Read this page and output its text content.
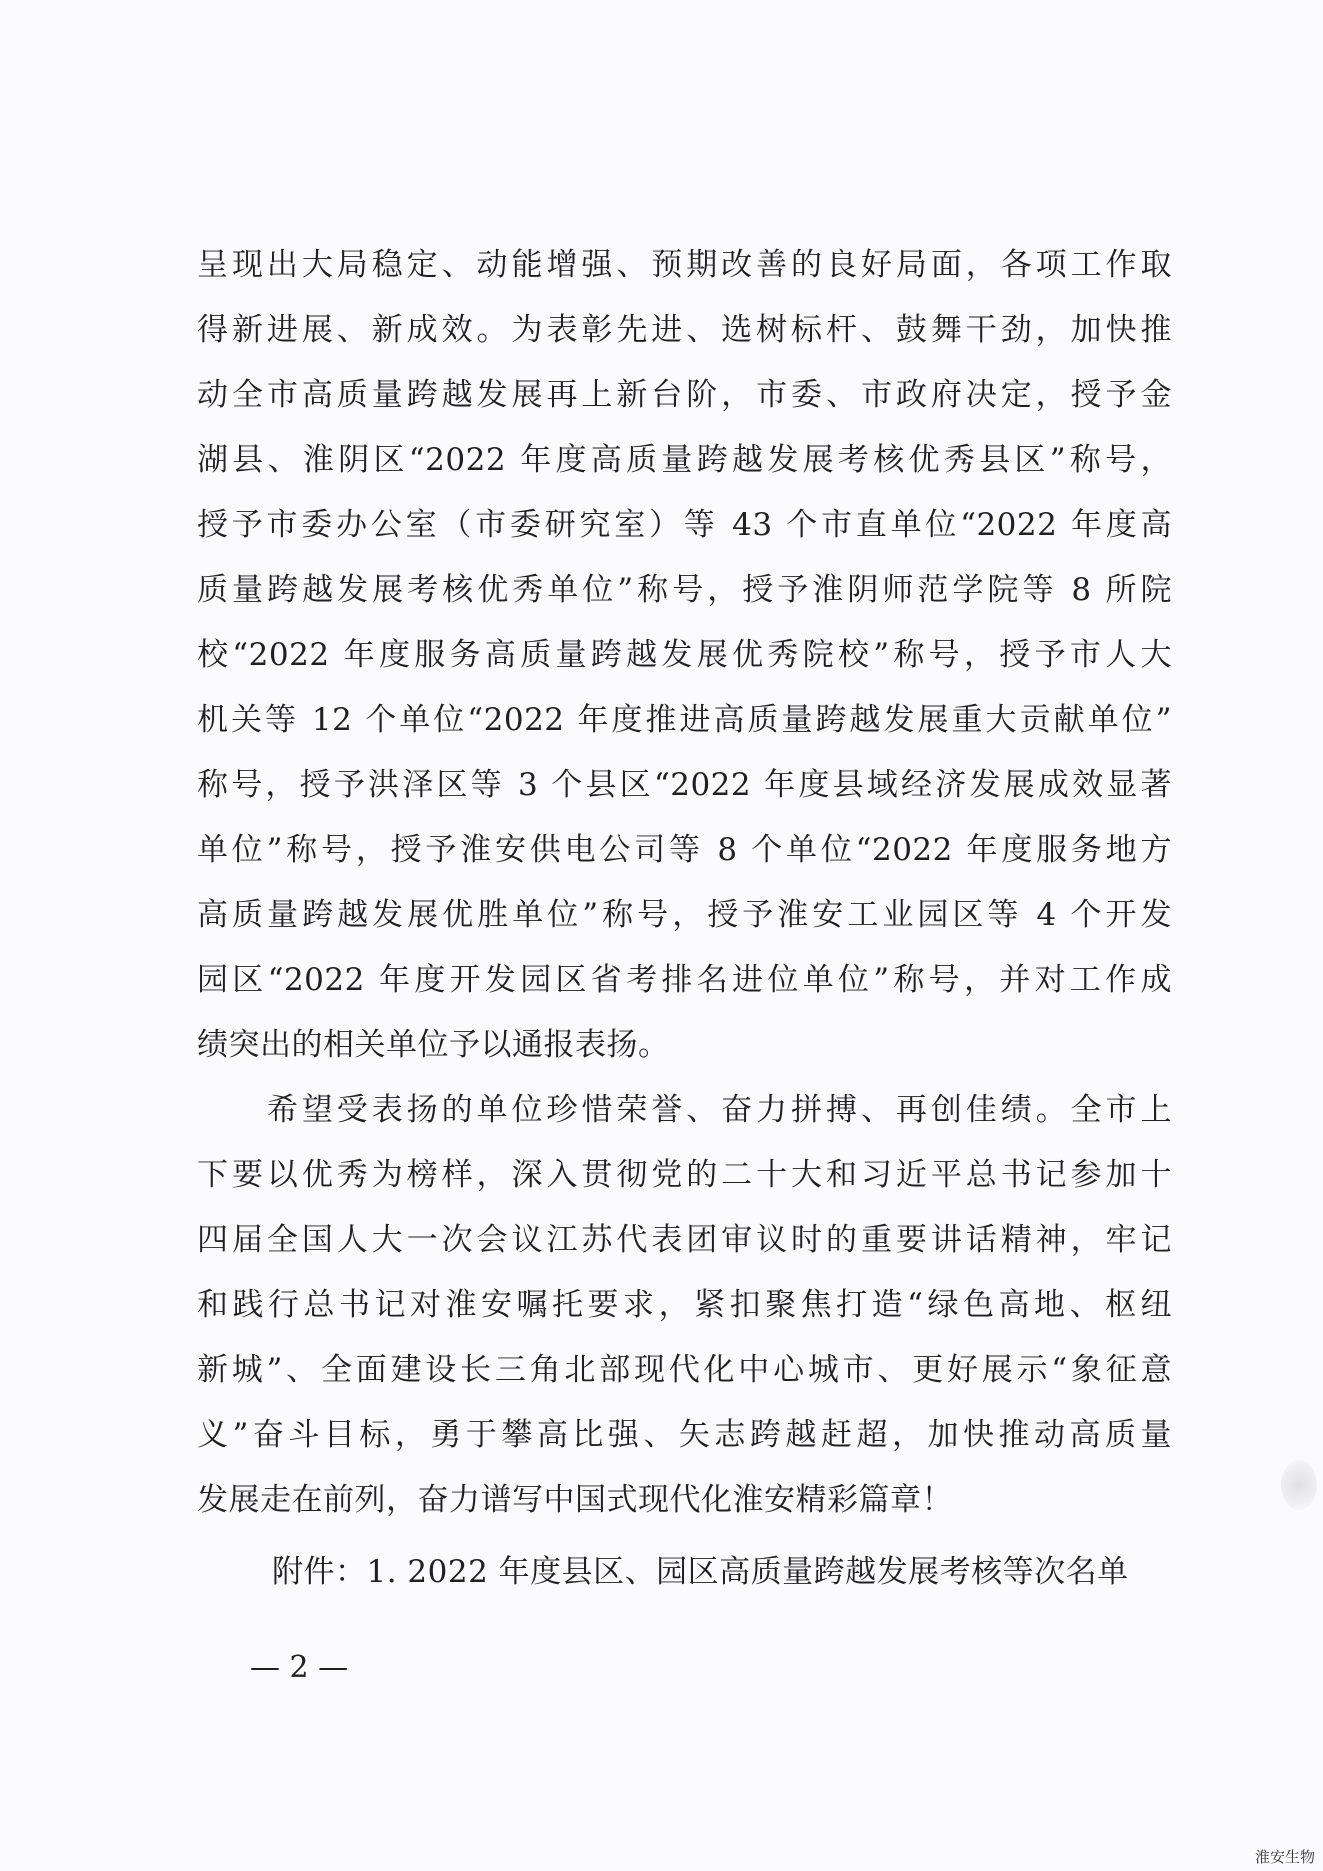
呈现出大局稳定、动能增强、预期改善的良好局面，各项工作取
得新进展、新成效。为表彰先进、选树标杆、鼓舞干劲，加快推
动全市高质量跨越发展再上新台阶，市委、市政府决定，授予金
湖县、淮阴区“2022 年度高质量跨越发展考核优秀县区”称号，
授予市委办公室（市委研究室）等 43 个市直单位“2022 年度高
质量跨越发展考核优秀单位”称号，授予淮阴师范学院等 8 所院
校“2022 年度服务高质量跨越发展优秀院校”称号，授予市人大
机关等 12 个单位“2022 年度推进高质量跨越发展重大贡献单位”
称号，授予洪泽区等 3 个县区“2022 年度县域经济发展成效显著
单位”称号，授予淮安供电公司等 8 个单位“2022 年度服务地方
高质量跨越发展优胜单位”称号，授予淮安工业园区等 4 个开发
园区“2022 年度开发园区省考排名进位单位”称号，并对工作成
绩突出的相关单位予以通报表扬。
　　希望受表扬的单位珍惜荣誉、奋力拼搏、再创佳绩。全市上
下要以优秀为榜样，深入贯彻党的二十大和习近平总书记参加十
四届全国人大一次会议江苏代表团审议时的重要讲话精神，牢记
和践行总书记对淮安嘱托要求，紧扣聚焦打造“绿色高地、枢纽
新城”、全面建设长三角北部现代化中心城市、更好展示“象征意
义”奋斗目标，勇于攀高比强、矢志跨越赶超，加快推动高质量
发展走在前列，奋力谱写中国式现代化淮安精彩篇章！
附件：1. 2022 年度县区、园区高质量跨越发展考核等次名单
— 2 —
淮安生物
